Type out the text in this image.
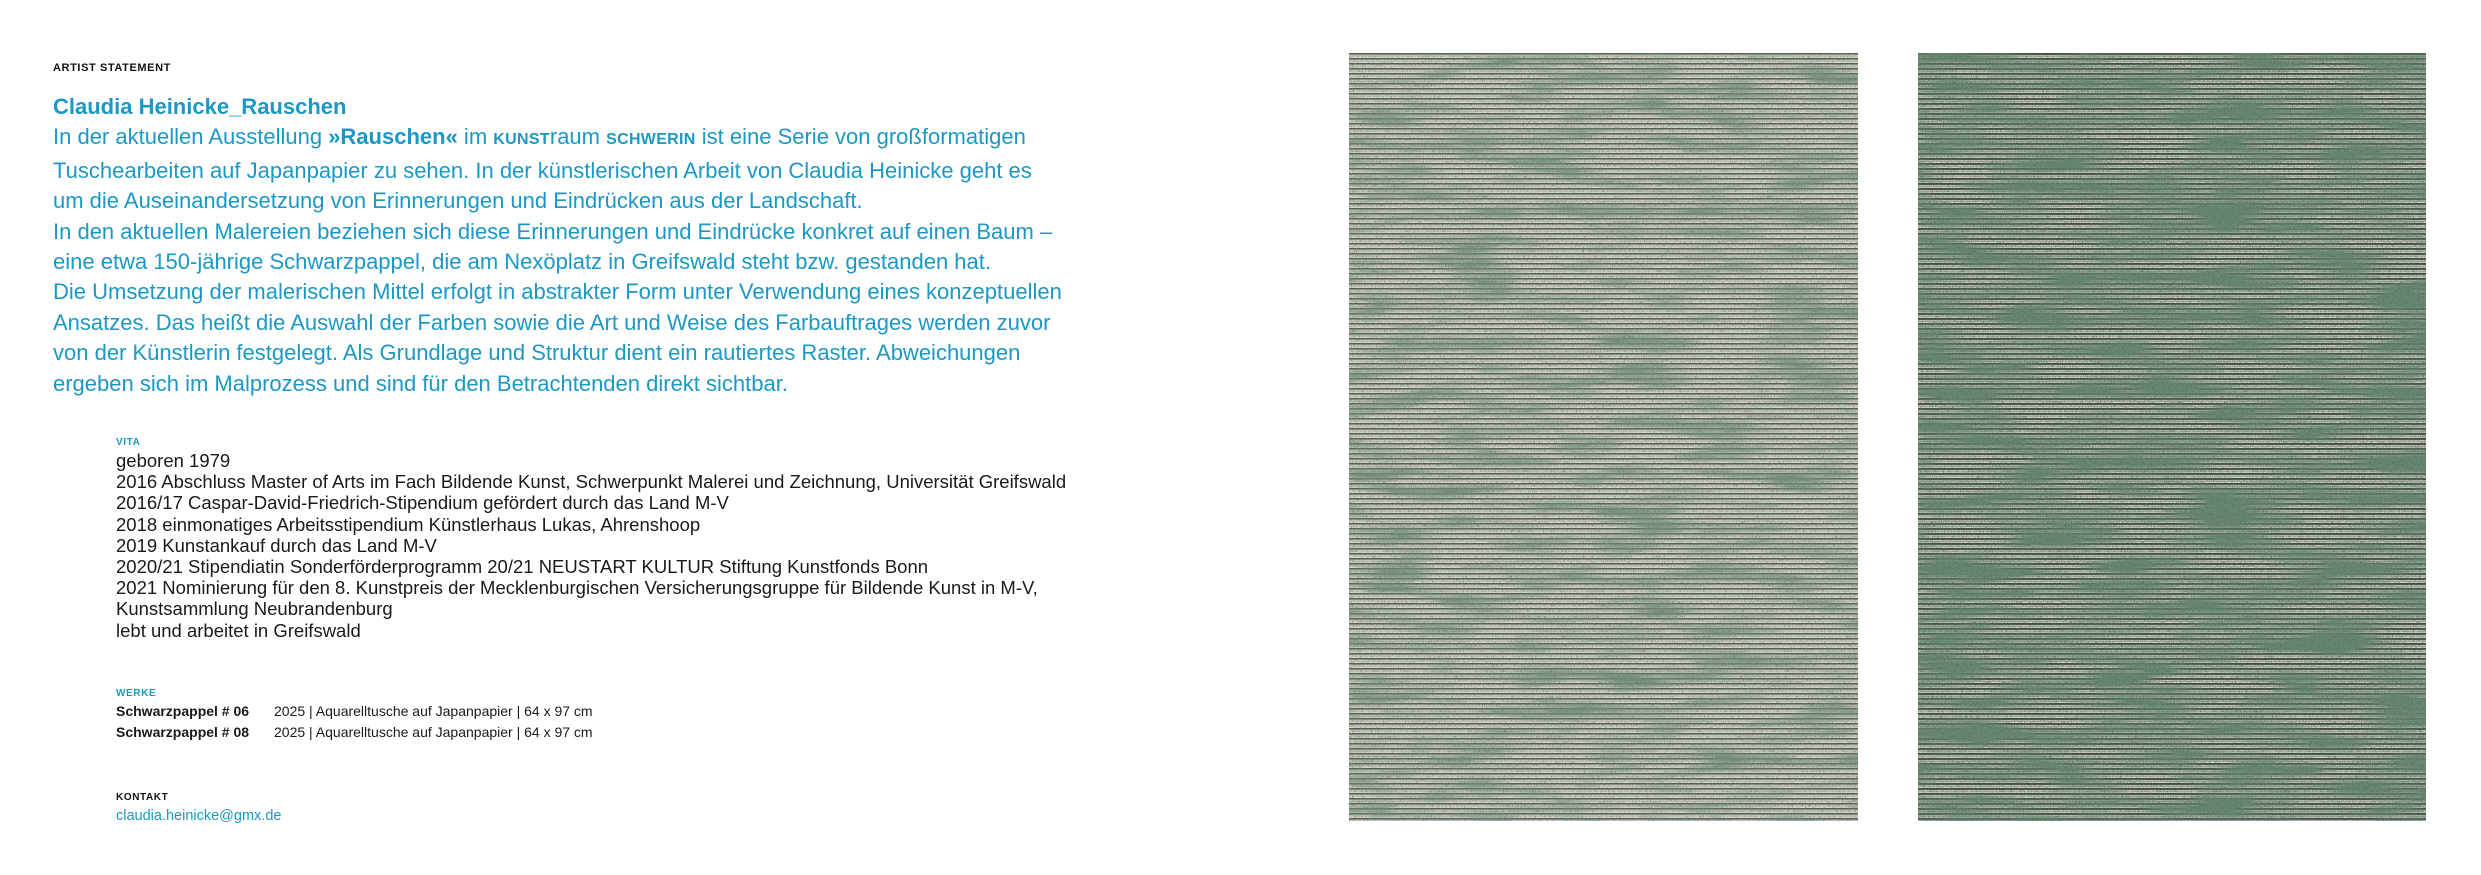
ARTIST STATEMENT

Claudia Heinicke_Rauschen

In der aktuellen Ausstellung »Rauschen« im KUNSTraum SCHWERIN ist eine Serie von großformatigen

Tuschearbeiten auf Japanpapier zu sehen. In der künstlerischen Arbeit von Claudia Heinicke geht es

um die Auseinandersetzung von Erinnerungen und Eindrücken aus der Landschaft.

In den aktuellen Malereien beziehen sich diese Erinnerungen und Eindrücke konkret auf einen Baum –

eine etwa 150-jährige Schwarzpappel, die am Nexöplatz in Greifswald steht bzw. gestanden hat.

Die Umsetzung der malerischen Mittel erfolgt in abstrakter Form unter Verwendung eines konzeptuellen

Ansatzes. Das heißt die Auswahl der Farben sowie die Art und Weise des Farbauftrages werden zuvor

von der Künstlerin festgelegt. Als Grundlage und Struktur dient ein rautiertes Raster. Abweichungen

ergeben sich im Malprozess und sind für den Betrachtenden direkt sichtbar.

VITA
geboren 1979
2016 Abschluss Master of Arts im Fach Bildende Kunst, Schwerpunkt Malerei und Zeichnung, Universität Greifswald
2016/17 Caspar-David-Friedrich-Stipendium gefördert durch das Land M-V
2018 einmonatiges Arbeitsstipendium Künstlerhaus Lukas, Ahrenshoop
2019 Kunstankauf durch das Land M-V
2020/21 Stipendiatin Sonderförderprogramm 20/21 NEUSTART KULTUR Stiftung Kunstfonds Bonn
2021 Nominierung für den 8. Kunstpreis der Mecklenburgischen Versicherungsgruppe für Bildende Kunst in M-V,
Kunstsammlung Neubrandenburg
lebt und arbeitet in Greifswald
WERKE
Schwarzpappel # 06 2025 | Aquarelltusche auf Japanpapier | 64 x 97 cm
Schwarzpappel # 08 2025 | Aquarelltusche auf Japanpapier | 64 x 97 cm
KONTAKT
claudia.heinicke@gmx.de
